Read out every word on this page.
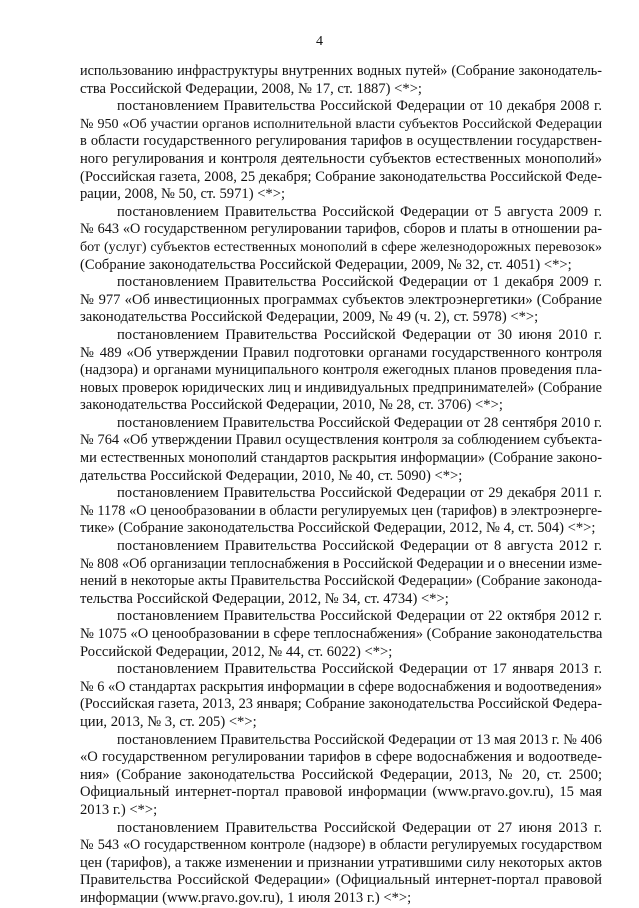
4
использованию инфраструктуры внутренних водных путей» (Собрание законодатель-
ства Российской Федерации, 2008, № 17, ст. 1887) <*>;
постановлением Правительства Российской Федерации от 10 декабря 2008 г.
№ 950 «Об участии органов исполнительной власти субъектов Российской Федерации
в области государственного регулирования тарифов в осуществлении государствен-
ного регулирования и контроля деятельности субъектов естественных монополий»
(Российская газета, 2008, 25 декабря; Собрание законодательства Российской Феде-
рации, 2008, № 50, ст. 5971) <*>;
постановлением Правительства Российской Федерации от 5 августа 2009 г.
№ 643 «О государственном регулировании тарифов, сборов и платы в отношении ра-
бот (услуг) субъектов естественных монополий в сфере железнодорожных перевозок»
(Собрание законодательства Российской Федерации, 2009, № 32, ст. 4051) <*>;
постановлением Правительства Российской Федерации от 1 декабря 2009 г.
№ 977 «Об инвестиционных программах субъектов электроэнергетики» (Собрание
законодательства Российской Федерации, 2009, № 49 (ч. 2), ст. 5978) <*>;
постановлением Правительства Российской Федерации от 30 июня 2010 г.
№ 489 «Об утверждении Правил подготовки органами государственного контроля
(надзора) и органами муниципального контроля ежегодных планов проведения пла-
новых проверок юридических лиц и индивидуальных предпринимателей» (Собрание
законодательства Российской Федерации, 2010, № 28, ст. 3706) <*>;
постановлением Правительства Российской Федерации от 28 сентября 2010 г.
№ 764 «Об утверждении Правил осуществления контроля за соблюдением субъекта-
ми естественных монополий стандартов раскрытия информации» (Собрание законо-
дательства Российской Федерации, 2010, № 40, ст. 5090) <*>;
постановлением Правительства Российской Федерации от 29 декабря 2011 г.
№ 1178 «О ценообразовании в области регулируемых цен (тарифов) в электроэнерге-
тике» (Собрание законодательства Российской Федерации, 2012, № 4, ст. 504) <*>;
постановлением Правительства Российской Федерации от 8 августа 2012 г.
№ 808 «Об организации теплоснабжения в Российской Федерации и о внесении изме-
нений в некоторые акты Правительства Российской Федерации» (Собрание законода-
тельства Российской Федерации, 2012, № 34, ст. 4734) <*>;
постановлением Правительства Российской Федерации от 22 октября 2012 г.
№ 1075 «О ценообразовании в сфере теплоснабжения» (Собрание законодательства
Российской Федерации, 2012, № 44, ст. 6022) <*>;
постановлением Правительства Российской Федерации от 17 января 2013 г.
№ 6 «О стандартах раскрытия информации в сфере водоснабжения и водоотведения»
(Российская газета, 2013, 23 января; Собрание законодательства Российской Федера-
ции, 2013, № 3, ст. 205) <*>;
постановлением Правительства Российской Федерации от 13 мая 2013 г. № 406
«О государственном регулировании тарифов в сфере водоснабжения и водоотведе-
ния» (Собрание законодательства Российской Федерации, 2013, № 20, ст. 2500;
Официальный интернет-портал правовой информации (www.pravo.gov.ru), 15 мая
2013 г.) <*>;
постановлением Правительства Российской Федерации от 27 июня 2013 г.
№ 543 «О государственном контроле (надзоре) в области регулируемых государством
цен (тарифов), а также изменении и признании утратившими силу некоторых актов
Правительства Российской Федерации» (Официальный интернет-портал правовой
информации (www.pravo.gov.ru), 1 июля 2013 г.) <*>;
